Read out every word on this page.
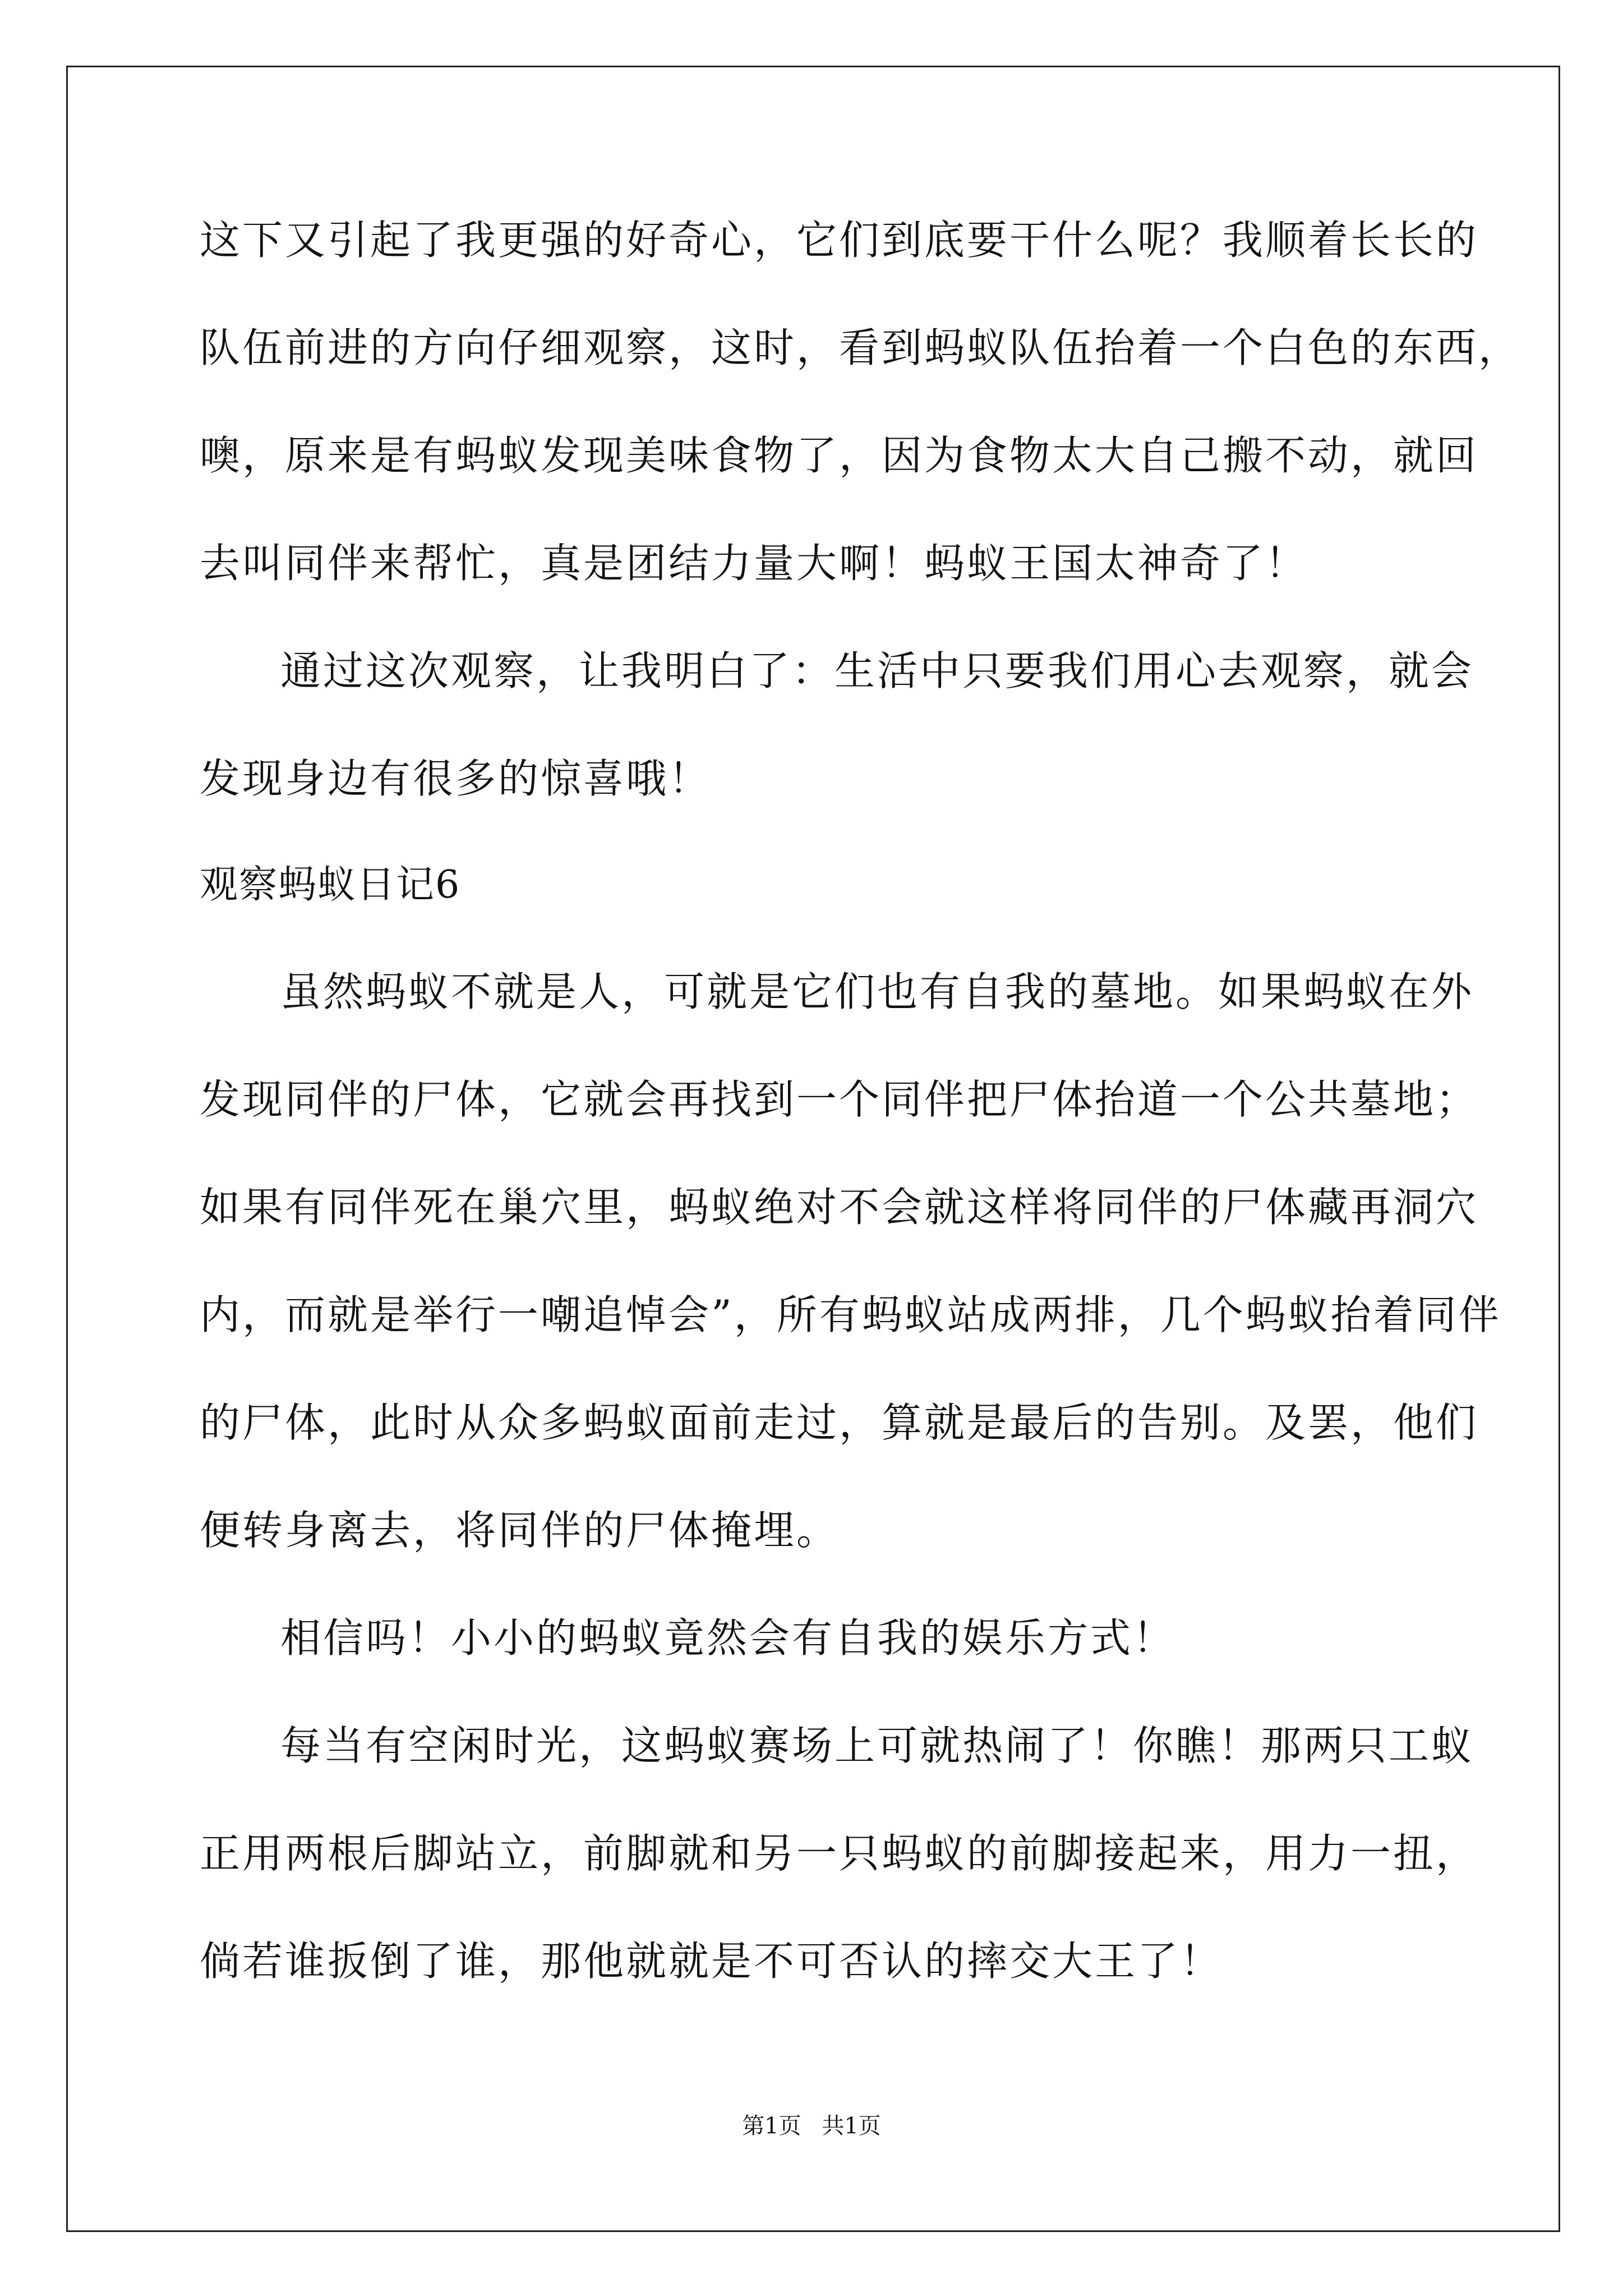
这下又引起了我更强的好奇心，它们到底要干什么呢？我顺着长长的
队伍前进的方向仔细观察，这时，看到蚂蚁队伍抬着一个白色的东西，
噢，原来是有蚂蚁发现美味食物了，因为食物太大自己搬不动，就回
去叫同伴来帮忙，真是团结力量大啊！蚂蚁王国太神奇了！
通过这次观察，让我明白了：生活中只要我们用心去观察，就会
发现身边有很多的惊喜哦！
观察蚂蚁日记6
虽然蚂蚁不就是人，可就是它们也有自我的墓地。如果蚂蚁在外
发现同伴的尸体，它就会再找到一个同伴把尸体抬道一个公共墓地；
如果有同伴死在巢穴里，蚂蚁绝对不会就这样将同伴的尸体藏再洞穴
内，而就是举行一嘲追悼会”，所有蚂蚁站成两排，几个蚂蚁抬着同伴
的尸体，此时从众多蚂蚁面前走过，算就是最后的告别。及罢，他们
便转身离去，将同伴的尸体掩埋。
相信吗！小小的蚂蚁竟然会有自我的娱乐方式！
每当有空闲时光，这蚂蚁赛场上可就热闹了！你瞧！那两只工蚁
正用两根后脚站立，前脚就和另一只蚂蚁的前脚接起来，用力一扭，
倘若谁扳倒了谁，那他就就是不可否认的摔交大王了！
第1页 共1页
